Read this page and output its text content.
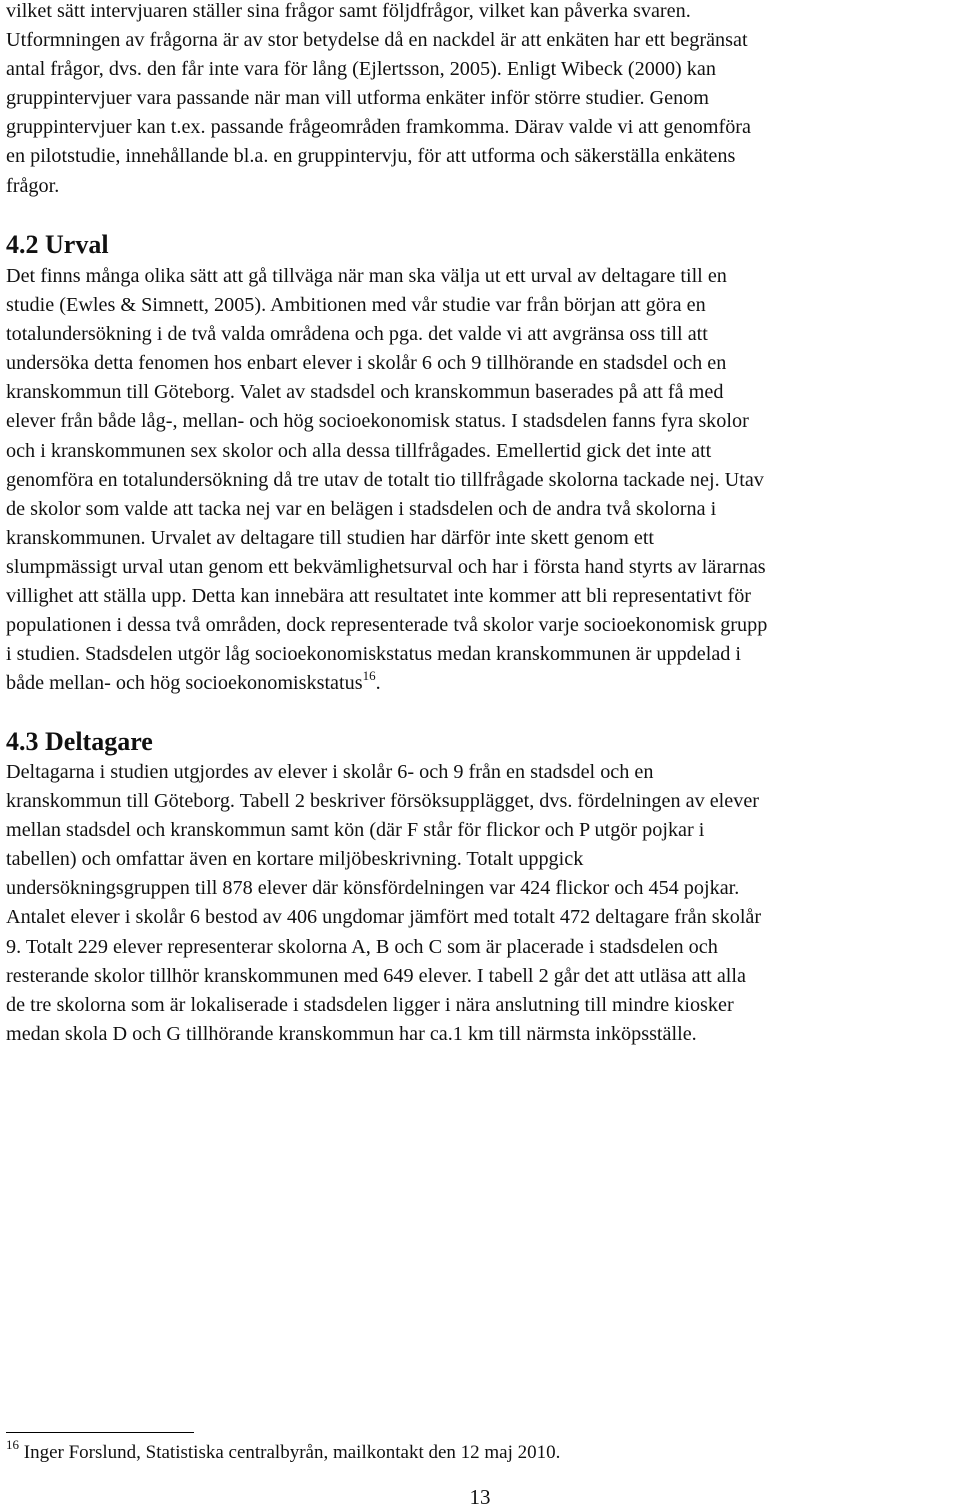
vilket sätt intervjuaren ställer sina frågor samt följdfrågor, vilket kan påverka svaren.
Utformningen av frågorna är av stor betydelse då en nackdel är att enkäten har ett begränsat
antal frågor, dvs. den får inte vara för lång (Ejlertsson, 2005). Enligt Wibeck (2000) kan
gruppintervjuer vara passande när man vill utforma enkäter inför större studier. Genom
gruppintervjuer kan t.ex. passande frågeområden framkomma. Därav valde vi att genomföra
en pilotstudie, innehållande bl.a. en gruppintervju, för att utforma och säkerställa enkätens
frågor.
4.2 Urval
Det finns många olika sätt att gå tillväga när man ska välja ut ett urval av deltagare till en
studie (Ewles & Simnett, 2005). Ambitionen med vår studie var från början att göra en
totalundersökning i de två valda områdena och pga. det valde vi att avgränsa oss till att
undersöka detta fenomen hos enbart elever i skolår 6 och 9 tillhörande en stadsdel och en
kranskommun till Göteborg. Valet av stadsdel och kranskommun baserades på att få med
elever från både låg-, mellan- och hög socioekonomisk status. I stadsdelen fanns fyra skolor
och i kranskommunen sex skolor och alla dessa tillfrågades. Emellertid gick det inte att
genomföra en totalundersökning då tre utav de totalt tio tillfrågade skolorna tackade nej. Utav
de skolor som valde att tacka nej var en belägen i stadsdelen och de andra två skolorna i
kranskommunen. Urvalet av deltagare till studien har därför inte skett genom ett
slumpmässigt urval utan genom ett bekvämlighetsurval och har i första hand styrts av lärarnas
villighet att ställa upp. Detta kan innebära att resultatet inte kommer att bli representativt för
populationen i dessa två områden, dock representerade två skolor varje socioekonomisk grupp
i studien. Stadsdelen utgör låg socioekonomiskstatus medan kranskommunen är uppdelad i
både mellan- och hög socioekonomiskstatus$^{16}$.
4.3 Deltagare
Deltagarna i studien utgjordes av elever i skolår 6- och 9 från en stadsdel och en
kranskommun till Göteborg. Tabell 2 beskriver försöksupplägget, dvs. fördelningen av elever
mellan stadsdel och kranskommun samt kön (där F står för flickor och P utgör pojkar i
tabellen) och omfattar även en kortare miljöbeskrivning. Totalt uppgick
undersökningsgruppen till 878 elever där könsfördelningen var 424 flickor och 454 pojkar.
Antalet elever i skolår 6 bestod av 406 ungdomar jämfört med totalt 472 deltagare från skolår
9. Totalt 229 elever representerar skolorna A, B och C som är placerade i stadsdelen och
resterande skolor tillhör kranskommunen med 649 elever. I tabell 2 går det att utläsa att alla
de tre skolorna som är lokaliserade i stadsdelen ligger i nära anslutning till mindre kiosker
medan skola D och G tillhörande kranskommun har ca.1 km till närmsta inköpsställe.
$^{16}$ Inger Forslund, Statistiska centralbyrån, mailkontakt den 12 maj 2010.
13
